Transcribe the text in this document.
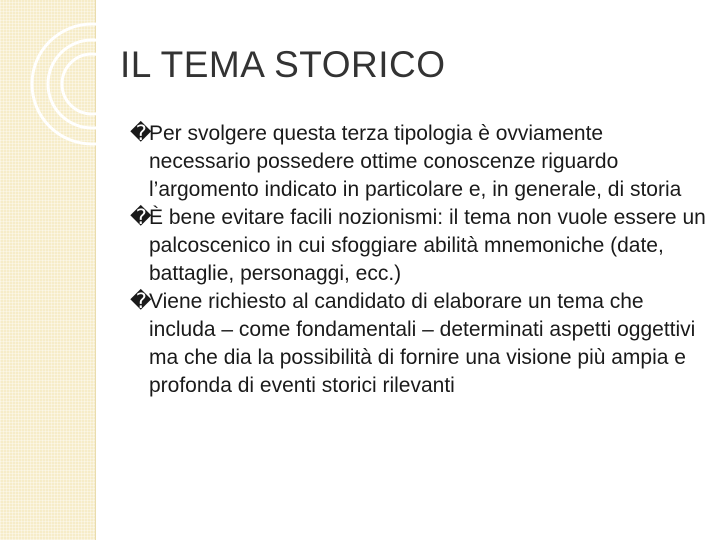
IL TEMA STORICO
�
Per svolgere questa terza tipologia è ovviamente necessario possedere ottime conoscenze riguardo l’argomento indicato in particolare e, in generale, di storia
�
È bene evitare facili nozionismi: il tema non vuole essere un palcoscenico in cui sfoggiare abilità mnemoniche (date, battaglie, personaggi, ecc.)
�
Viene richiesto al candidato di elaborare un tema che includa – come fondamentali – determinati aspetti oggettivi ma che dia la possibilità di fornire una visione più ampia e profonda di eventi storici rilevanti
